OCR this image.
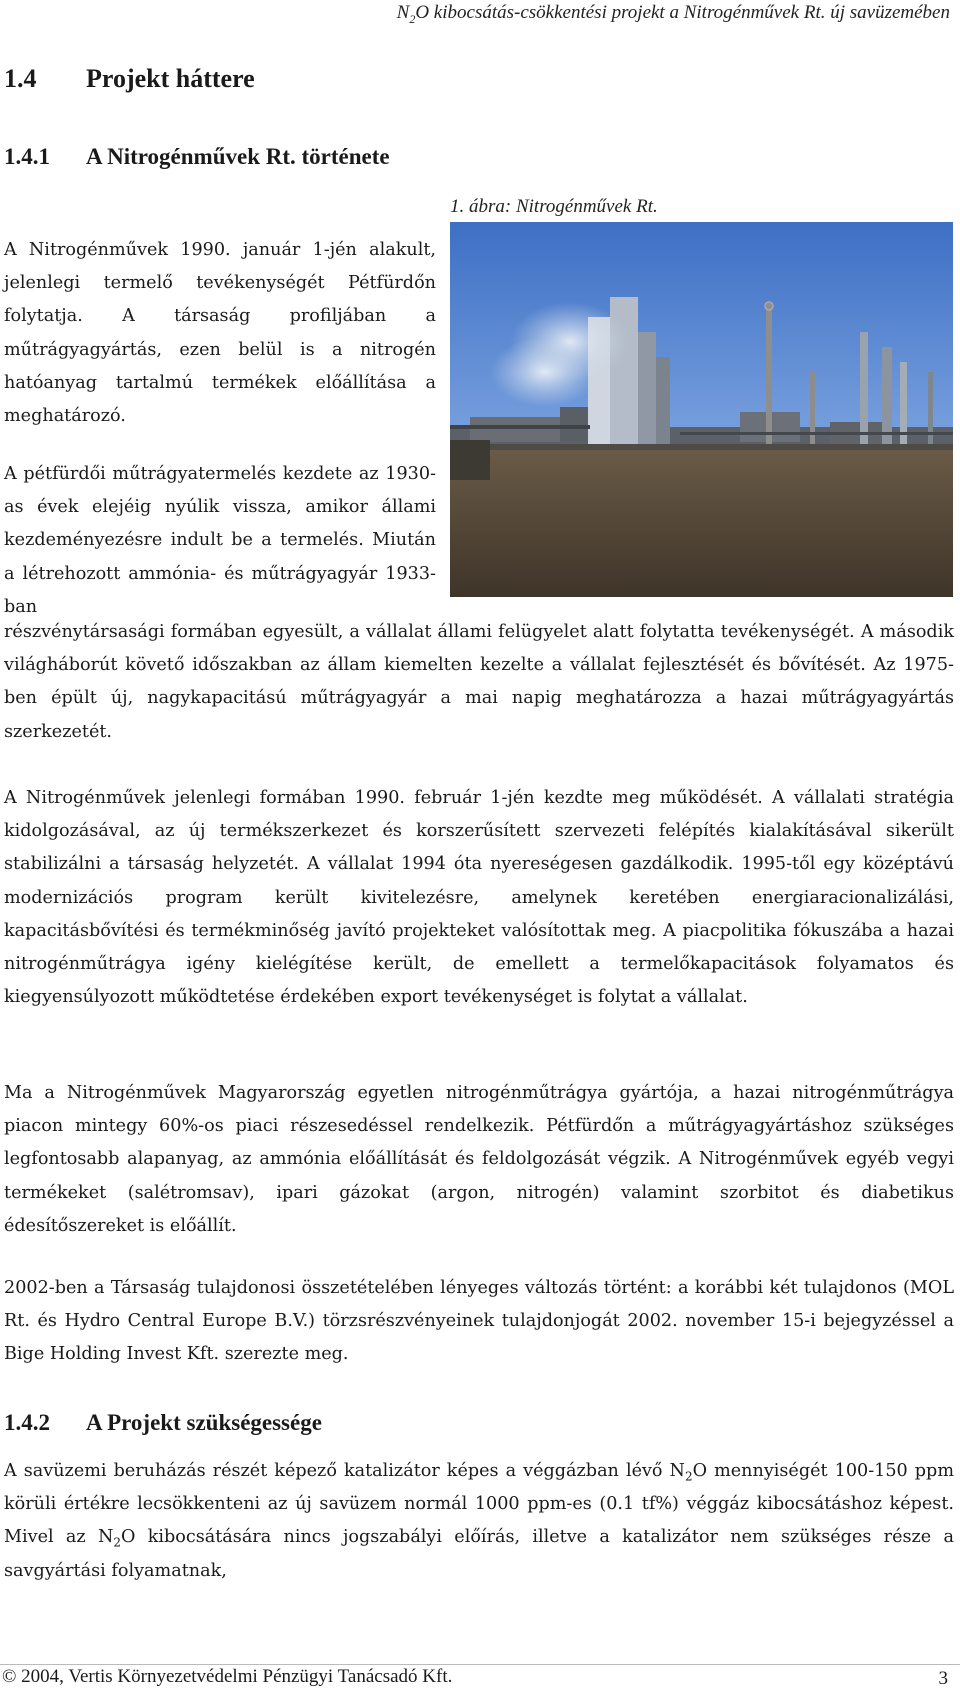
$N_2O$ kibocsátás-csökkentési projekt a Nitrogénművek Rt. új savüzemében
1.4 Projekt háttere
1.4.1 A Nitrogénművek Rt. története
1. ábra: Nitrogénművek Rt.

A Nitrogénművek 1990. január 1-jén alakult, jelenlegi termelő tevékenységét Pétfürdőn folytatja. A társaság profiljában a műtrágyagyártás, ezen belül is a nitrogén hatóanyag tartalmú termékek előállítása a meghatározó.

A pétfürdői műtrágyatermelés kezdete az 1930-as évek elejéig nyúlik vissza, amikor állami kezdeményezésre indult be a termelés. Miután a létrehozott ammónia- és műtrágyagyár 1933-ban

részvénytársasági formában egyesült, a vállalat állami felügyelet alatt folytatta tevékenységét. A második világháborút követő időszakban az állam kiemelten kezelte a vállalat fejlesztését és bővítését. Az 1975-ben épült új, nagykapacitású műtrágyagyár a mai napig meghatározza a hazai műtrágyagyártás szerkezetét.

A Nitrogénművek jelenlegi formában 1990. február 1-jén kezdte meg működését. A vállalati stratégia kidolgozásával, az új termékszerkezet és korszerűsített szervezeti felépítés kialakításával sikerült stabilizálni a társaság helyzetét. A vállalat 1994 óta nyereségesen gazdálkodik. 1995-től egy középtávú modernizációs program került kivitelezésre, amelynek keretében energiaracionalizálási, kapacitásbővítési és termékminőség javító projekteket valósítottak meg. A piacpolitika fókuszába a hazai nitrogénműtrágya igény kielégítése került, de emellett a termelőkapacitások folyamatos és kiegyensúlyozott működtetése érdekében export tevékenységet is folytat a vállalat.

Ma a Nitrogénművek Magyarország egyetlen nitrogénműtrágya gyártója, a hazai nitrogénműtrágya piacon mintegy 60%-os piaci részesedéssel rendelkezik. Pétfürdőn a műtrágyagyártáshoz szükséges legfontosabb alapanyag, az ammónia előállítását és feldolgozását végzik. A Nitrogénművek egyéb vegyi termékeket (salétromsav), ipari gázokat (argon, nitrogén) valamint szorbitot és diabetikus édesítőszereket is előállít.

2002-ben a Társaság tulajdonosi összetételében lényeges változás történt: a korábbi két tulajdonos (MOL Rt. és Hydro Central Europe B.V.) törzsrészvényeinek tulajdonjogát 2002. november 15-i bejegyzéssel a Bige Holding Invest Kft. szerezte meg.

1.4.2 A Projekt szükségessége

A savüzemi beruházás részét képező katalizátor képes a véggázban lévő $N_2O$ mennyiségét 100-150 ppm körüli értékre lecsökkenteni az új savüzem normál 1000 ppm-es (0.1 tf%) véggáz kibocsátáshoz képest. Mivel az $N_2O$ kibocsátására nincs jogszabályi előírás, illetve a katalizátor nem szükséges része a savgyártási folyamatnak,

© 2004, Vertis Környezetvédelmi Pénzügyi Tanácsadó Kft.	3
